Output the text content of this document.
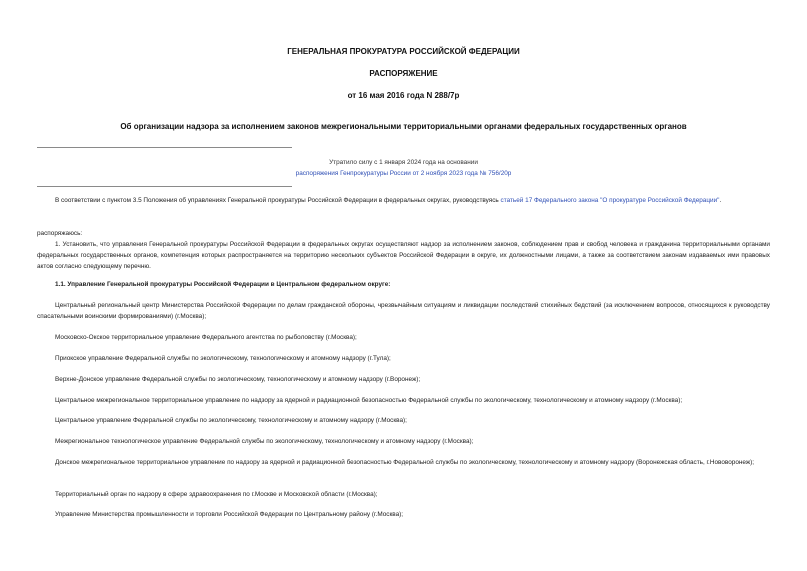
ГЕНЕРАЛЬНАЯ ПРОКУРАТУРА РОССИЙСКОЙ ФЕДЕРАЦИИ
РАСПОРЯЖЕНИЕ
от 16 мая 2016 года N 288/7р
Об организации надзора за исполнением законов межрегиональными территориальными органами федеральных государственных органов
Утратило силу с 1 января 2024 года на основании
распоряжения Генпрокуратуры России от 2 ноября 2023 года № 756/20р
В соответствии с пунктом 3.5 Положения об управлениях Генеральной прокуратуры Российской Федерации в федеральных округах, руководствуясь статьей 17 Федерального закона "О прокуратуре Российской Федерации".
распоряжаюсь:
1. Установить, что управления Генеральной прокуратуры Российской Федерации в федеральных округах осуществляют надзор за исполнением законов, соблюдением прав и свобод человека и гражданина территориальными органами федеральных государственных органов, компетенция которых распространяется на территорию нескольких субъектов Российской Федерации в округе, их должностными лицами, а также за соответствием законам издаваемых ими правовых актов согласно следующему перечню.
1.1. Управление Генеральной прокуратуры Российской Федерации в Центральном федеральном округе:
Центральный региональный центр Министерства Российской Федерации по делам гражданской обороны, чрезвычайным ситуациям и ликвидации последствий стихийных бедствий (за исключением вопросов, относящихся к руководству спасательными воинскими формированиями) (г.Москва);
Московско-Окское территориальное управление Федерального агентства по рыболовству (г.Москва);
Приокское управление Федеральной службы по экологическому, технологическому и атомному надзору (г.Тула);
Верхне-Донское управление Федеральной службы по экологическому, технологическому и атомному надзору (г.Воронеж);
Центральное межрегиональное территориальное управление по надзору за ядерной и радиационной безопасностью Федеральной службы по экологическому, технологическому и атомному надзору (г.Москва);
Центральное управление Федеральной службы по экологическому, технологическому и атомному надзору (г.Москва);
Межрегиональное технологическое управление Федеральной службы по экологическому, технологическому и атомному надзору (г.Москва);
Донское межрегиональное территориальное управление по надзору за ядерной и радиационной безопасностью Федеральной службы по экологическому, технологическому и атомному надзору (Воронежская область, г.Нововоронеж);
Территориальный орган по надзору в сфере здравоохранения по г.Москве и Московской области (г.Москва);
Управление Министерства промышленности и торговли Российской Федерации по Центральному району (г.Москва);
